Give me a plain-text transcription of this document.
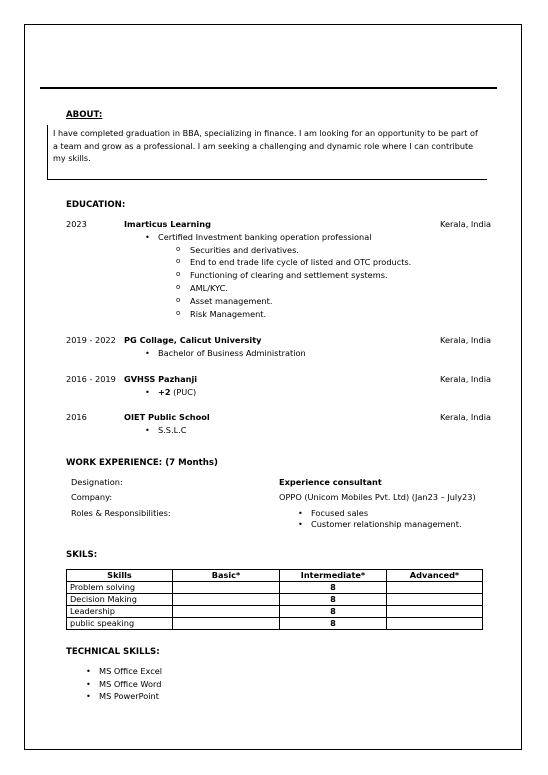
ABOUT:
I have completed graduation in BBA, specializing in finance. I am looking for an opportunity to be part of a team and grow as a professional. I am seeking a challenging and dynamic role where I can contribute my skills.
EDUCATION:
2023	Imarticus Learning	Kerala, India
• Certified Investment banking operation professional
o Securities and derivatives.
o End to end trade life cycle of listed and OTC products.
o Functioning of clearing and settlement systems.
o AML/KYC.
o Asset management.
o Risk Management.
2019 - 2022 PG Collage, Calicut University	Kerala, India
• Bachelor of Business Administration
2016 - 2019 GVHSS Pazhanji	Kerala, India
• +2 (PUC)
2016	OIET Public School	Kerala, India
• S.S.L.C
WORK EXPERIENCE: (7 Months)
Designation:	Experience consultant
Company:	OPPO (Unicom Mobiles Pvt. Ltd) (Jan23 – July23)
Roles & Responsibilities:	• Focused sales
• Customer relationship management.
SKILS:
Skills	Basic*	Intermediate*	Advanced*
Problem solving		8	
Decision Making		8	
Leadership		8	
public speaking		8	
TECHNICAL SKILLS:
• MS Office Excel
• MS Office Word
• MS PowerPoint
